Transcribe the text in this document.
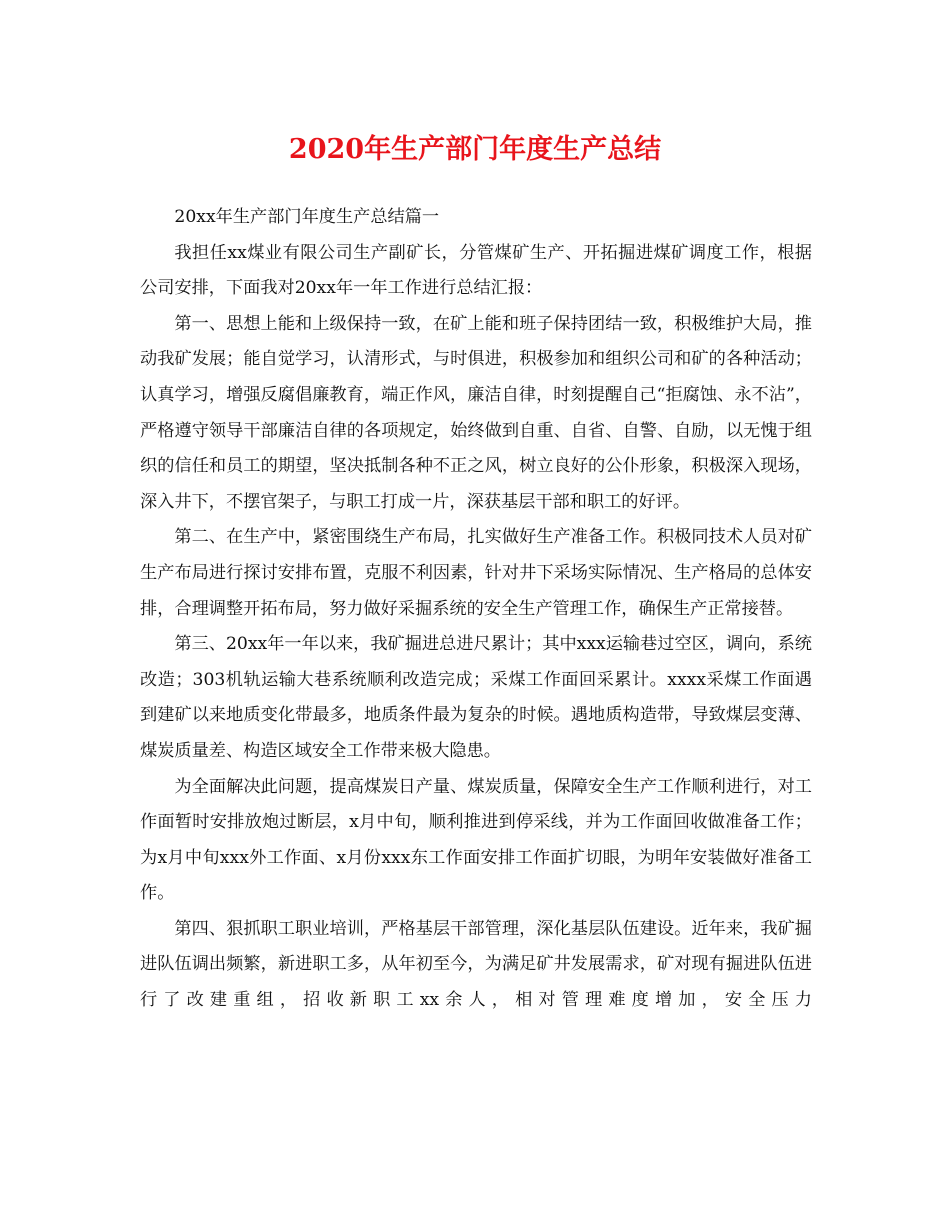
2020年生产部门年度生产总结

20xx年生产部门年度生产总结篇一

我担任xx煤业有限公司生产副矿长，分管煤矿生产、开拓掘进煤矿调度工作，根据公司安排，下面我对20xx年一年工作进行总结汇报：

第一、思想上能和上级保持一致，在矿上能和班子保持团结一致，积极维护大局，推动我矿发展；能自觉学习，认清形式，与时俱进，积极参加和组织公司和矿的各种活动；认真学习，增强反腐倡廉教育，端正作风，廉洁自律，时刻提醒自己“拒腐蚀、永不沾”，严格遵守领导干部廉洁自律的各项规定，始终做到自重、自省、自警、自励，以无愧于组织的信任和员工的期望，坚决抵制各种不正之风，树立良好的公仆形象，积极深入现场，深入井下，不摆官架子，与职工打成一片，深获基层干部和职工的好评。

第二、在生产中，紧密围绕生产布局，扎实做好生产准备工作。积极同技术人员对矿生产布局进行探讨安排布置，克服不利因素，针对井下采场实际情况、生产格局的总体安排，合理调整开拓布局，努力做好采掘系统的安全生产管理工作，确保生产正常接替。

第三、20xx年一年以来，我矿掘进总进尺累计；其中xxx运输巷过空区，调向，系统改造；303机轨运输大巷系统顺利改造完成；采煤工作面回采累计。xxxx采煤工作面遇到建矿以来地质变化带最多，地质条件最为复杂的时候。遇地质构造带，导致煤层变薄、煤炭质量差、构造区域安全工作带来极大隐患。

为全面解决此问题，提高煤炭日产量、煤炭质量，保障安全生产工作顺利进行，对工作面暂时安排放炮过断层，x月中旬，顺利推进到停采线，并为工作面回收做准备工作；为x月中旬xxx外工作面、x月份xxx东工作面安排工作面扩切眼，为明年安装做好准备工作。

第四、狠抓职工职业培训，严格基层干部管理，深化基层队伍建设。近年来，我矿掘进队伍调出频繁，新进职工多，从年初至今，为满足矿井发展需求，矿对现有掘进队伍进行了改建重组，招收新职工xx余人，相对管理难度增加，安全压力
